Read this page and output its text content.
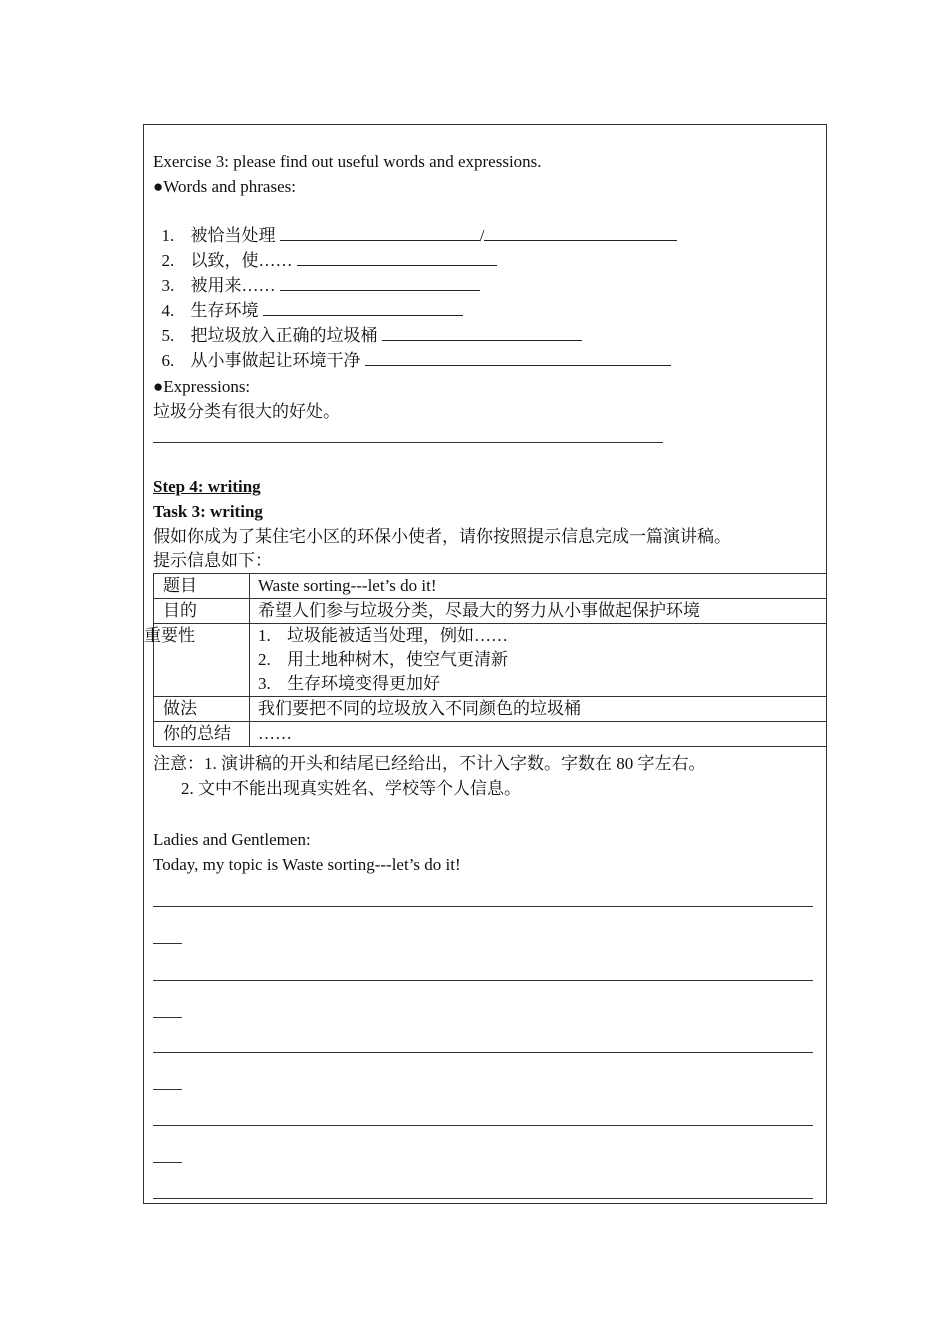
Exercise 3: please find out useful words and expressions.
●Words and phrases:

1. 被恰当处理	/

2. 以致，使……

3. 被用来……

4. 生存环境

5. 把垃圾放入正确的垃圾桶

6. 从小事做起让环境干净

●Expressions:
垃圾分类有很大的好处。
Step 4: writing
Task 3: writing
假如你成为了某住宅小区的环保小使者，请你按照提示信息完成一篇演讲稿。
提示信息如下：
题目	Waste sorting---let’s do it!
目的	希望人们参与垃圾分类，尽最大的努力从小事做起保护环境
重要性	1. 垃圾能被适当处理，例如……
2. 用土地种树木，使空气更清新
3. 生存环境变得更加好

做法	我们要把不同的垃圾放入不同颜色的垃圾桶
你的总结	……
注意：1. 演讲稿的开头和结尾已经给出，不计入字数。字数在 80 字左右。
2. 文中不能出现真实姓名、学校等个人信息。
Ladies and Gentlemen:
Today, my topic is Waste sorting---let’s do it!
